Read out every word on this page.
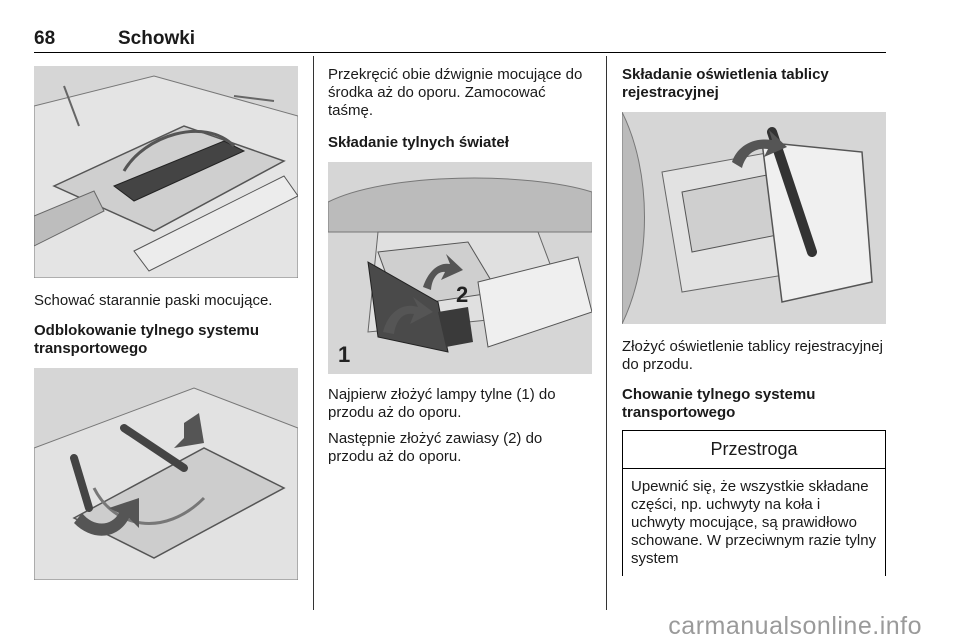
68	Schowki

Schować starannie paski mocujące.

Odblokowanie tylnego systemu transportowego

Przekręcić obie dźwignie mocujące do środka aż do oporu. Zamocować taśmę.

Składanie tylnych świateł
1
2

Najpierw złożyć lampy tylne (1) do przodu aż do oporu.

Następnie złożyć zawiasy (2) do przodu aż do oporu.

Składanie oświetlenia tablicy rejestracyjnej

Złożyć oświetlenie tablicy rejestracyjnej do przodu.

Chowanie tylnego systemu transportowego
Przestroga
Upewnić się, że wszystkie składane części, np. uchwyty na koła i uchwyty mocujące, są prawidłowo schowane. W przeciwnym razie tylny system
carmanualsonline.info
